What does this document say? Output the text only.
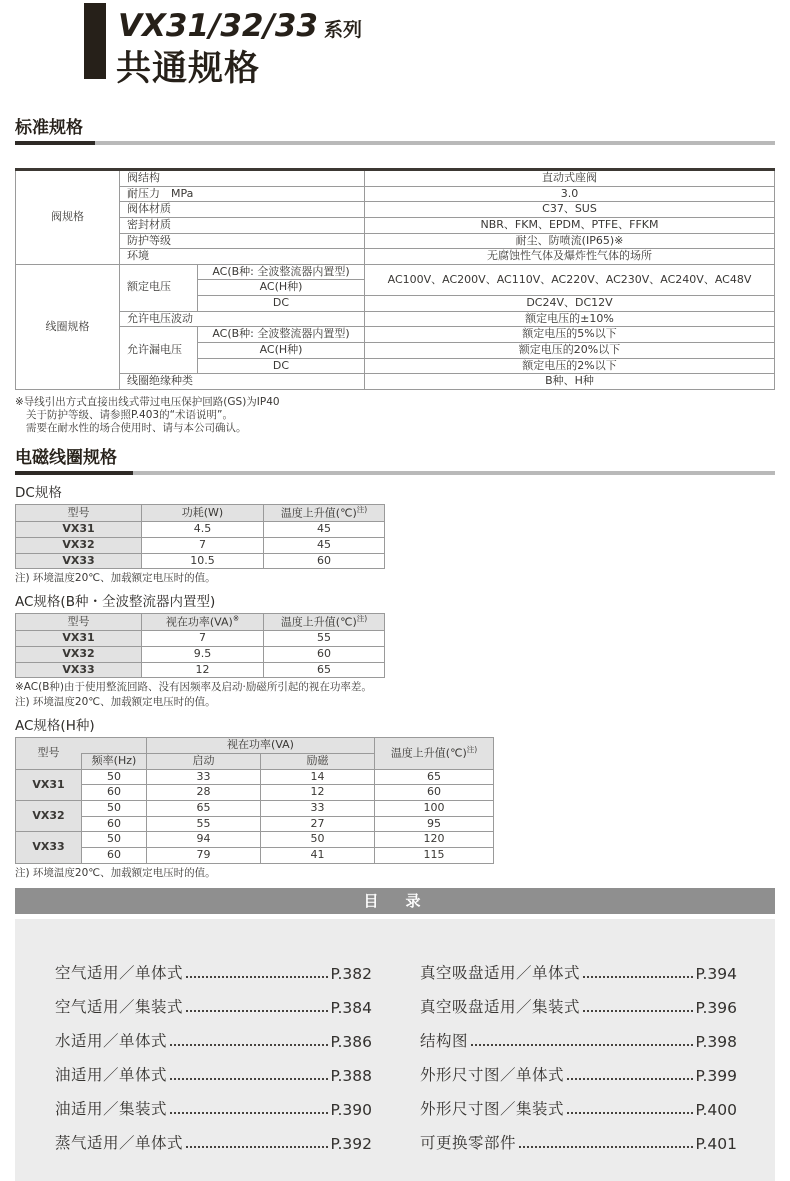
VX31/32/33 系列
共通规格
标准规格
阀规格	阀结构		直动式座阀
	耐压力　MPa		3.0
	阀体材质		C37、SUS
	密封材质		NBR、FKM、EPDM、PTFE、FFKM
	防护等级		耐尘、防喷流(IP65)※
	环境		无腐蚀性气体及爆炸性气体的场所
线圈规格	额定电压	AC(B种: 全波整流器内置型)	AC100V、AC200V、AC110V、AC220V、AC230V、AC240V、AC48V
		AC(H种)	
		DC	DC24V、DC12V
	允许电压波动		额定电压的±10%
	允许漏电压	AC(B种: 全波整流器内置型)	额定电压的5%以下
		AC(H种)	额定电压的20%以下
		DC	额定电压的2%以下
	线圈绝缘种类		B种、H种
※导线引出方式直接出线式带过电压保护回路(GS)为IP40
关于防护等级、请参照P.403的“术语说明”。
需要在耐水性的场合使用时、请与本公司确认。
电磁线圈规格
DC规格
型号	功耗(W)	温度上升值(℃)$^{注)}$
VX31	4.5	45
VX32	7	45
VX33	10.5	60
注) 环境温度20℃、加载额定电压时的值。
AC规格(B种・全波整流器内置型)
型号	视在功率(VA)※	温度上升值(℃)$^{注)}$
VX31	7	55
VX32	9.5	60
VX33	12	65
※AC(B种)由于使用整流回路、没有因频率及启动·励磁所引起的视在功率差。
注) 环境温度20℃、加载额定电压时的值。
AC规格(H种)
型号		视在功率(VA)		温度上升值(℃)$^{注)}$
	频率(Hz)	启动	励磁	
VX31	50	33	14	65
	60	28	12	60
VX32	50	65	33	100
	60	55	27	95
VX33	50	94	50	120
	60	79	41	115
注) 环境温度20℃、加载额定电压时的值。
目　录
空气适用／单体式	P.382
空气适用／集装式	P.384
水适用／单体式	P.386
油适用／单体式	P.388
油适用／集装式	P.390
蒸气适用／单体式	P.392
真空吸盘适用／单体式	P.394
真空吸盘适用／集装式	P.396
结构图	P.398
外形尺寸图／单体式	P.399
外形尺寸图／集装式	P.400
可更换零部件	P.401
